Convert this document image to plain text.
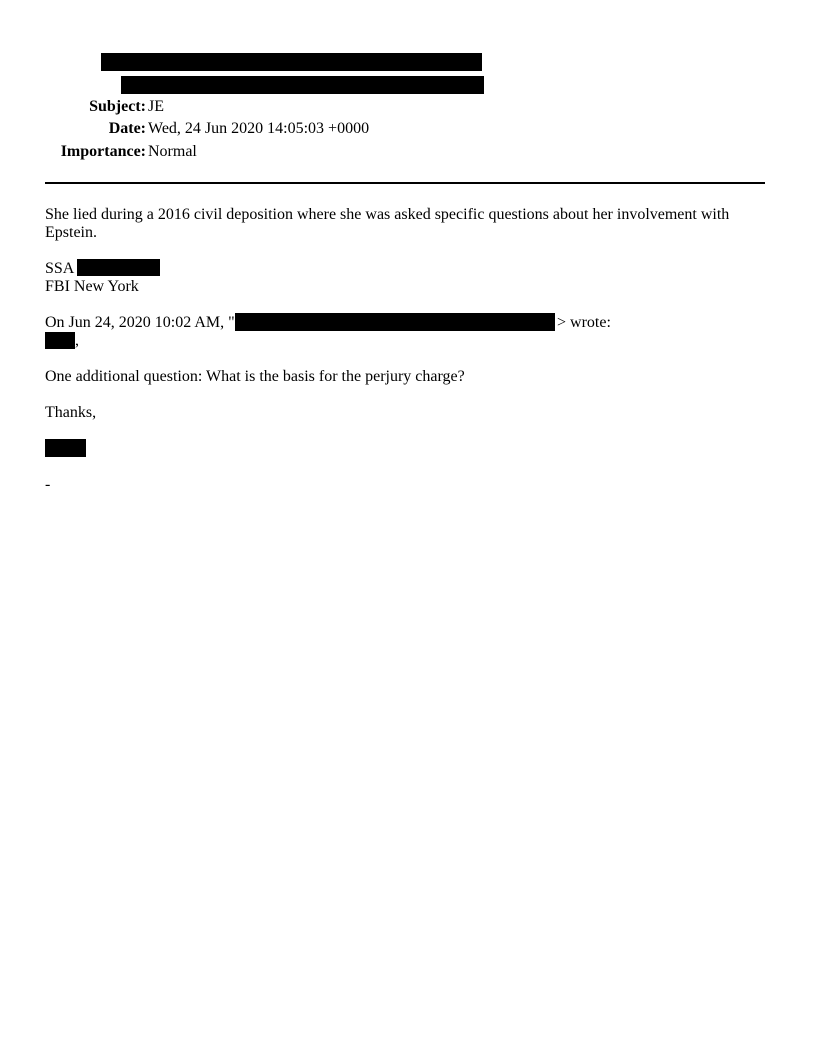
Subject: JE
Date: Wed, 24 Jun 2020 14:05:03 +0000
Importance: Normal
She lied during a 2016 civil deposition where she was asked specific questions about her involvement with Epstein.
SSA
FBI New York
On Jun 24, 2020 10:02 AM, "	> wrote:
,
One additional question: What is the basis for the perjury charge?
Thanks,
-
